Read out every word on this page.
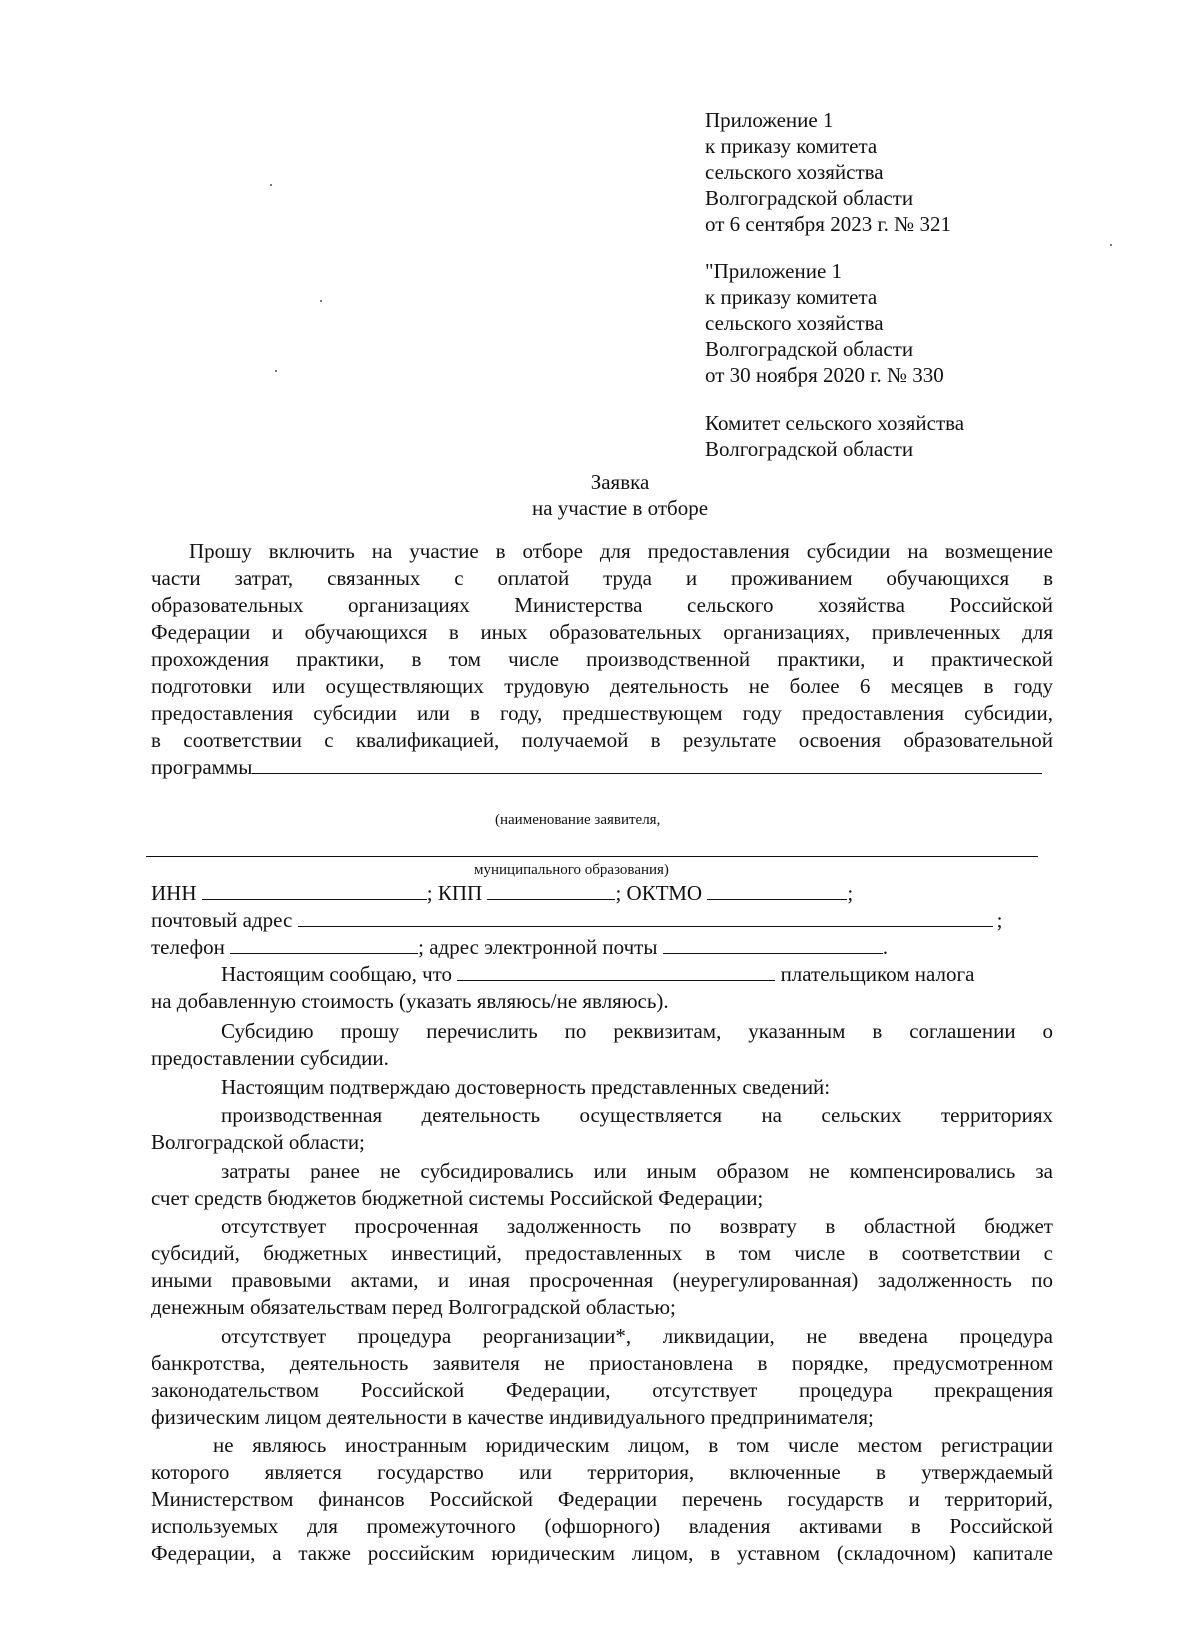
Приложение 1
к приказу комитета
сельского хозяйства
Волгоградской области
от 6 сентября 2023 г. № 321
"Приложение 1
к приказу комитета
сельского хозяйства
Волгоградской области
от 30 ноября 2020 г. № 330
Комитет сельского хозяйства
Волгоградской области
Заявка
на участие в отборе
Прошу включить на участие в отборе для предоставления субсидии на возмещение
части затрат, связанных с оплатой труда и проживанием обучающихся в
образовательных организациях Министерства сельского хозяйства Российской
Федерации и обучающихся в иных образовательных организациях, привлеченных для
прохождения практики, в том числе производственной практики, и практической
подготовки или осуществляющих трудовую деятельность не более 6 месяцев в году
предоставления субсидии или в году, предшествующем году предоставления субсидии,
в соответствии с квалификацией, получаемой в результате освоения образовательной
программы
(наименование заявителя,
муниципального образования)
ИНН	; КПП	; ОКТМО	;
почтовый адрес	;
телефон	; адрес электронной почты	.
Настоящим сообщаю, что	плательщиком налога
на добавленную стоимость (указать являюсь/не являюсь).
Субсидию прошу перечислить по реквизитам, указанным в соглашении о
предоставлении субсидии.
Настоящим подтверждаю достоверность представленных сведений:
производственная деятельность осуществляется на сельских территориях
Волгоградской области;
затраты ранее не субсидировались или иным образом не компенсировались за
счет средств бюджетов бюджетной системы Российской Федерации;
отсутствует просроченная задолженность по возврату в областной бюджет
субсидий, бюджетных инвестиций, предоставленных в том числе в соответствии с
иными правовыми актами, и иная просроченная (неурегулированная) задолженность по
денежным обязательствам перед Волгоградской областью;
отсутствует процедура реорганизации*, ликвидации, не введена процедура
банкротства, деятельность заявителя не приостановлена в порядке, предусмотренном
законодательством Российской Федерации, отсутствует процедура прекращения
физическим лицом деятельности в качестве индивидуального предпринимателя;
не являюсь иностранным юридическим лицом, в том числе местом регистрации
которого является государство или территория, включенные в утверждаемый
Министерством финансов Российской Федерации перечень государств и территорий,
используемых для промежуточного (офшорного) владения активами в Российской
Федерации, а также российским юридическим лицом, в уставном (складочном) капитале
